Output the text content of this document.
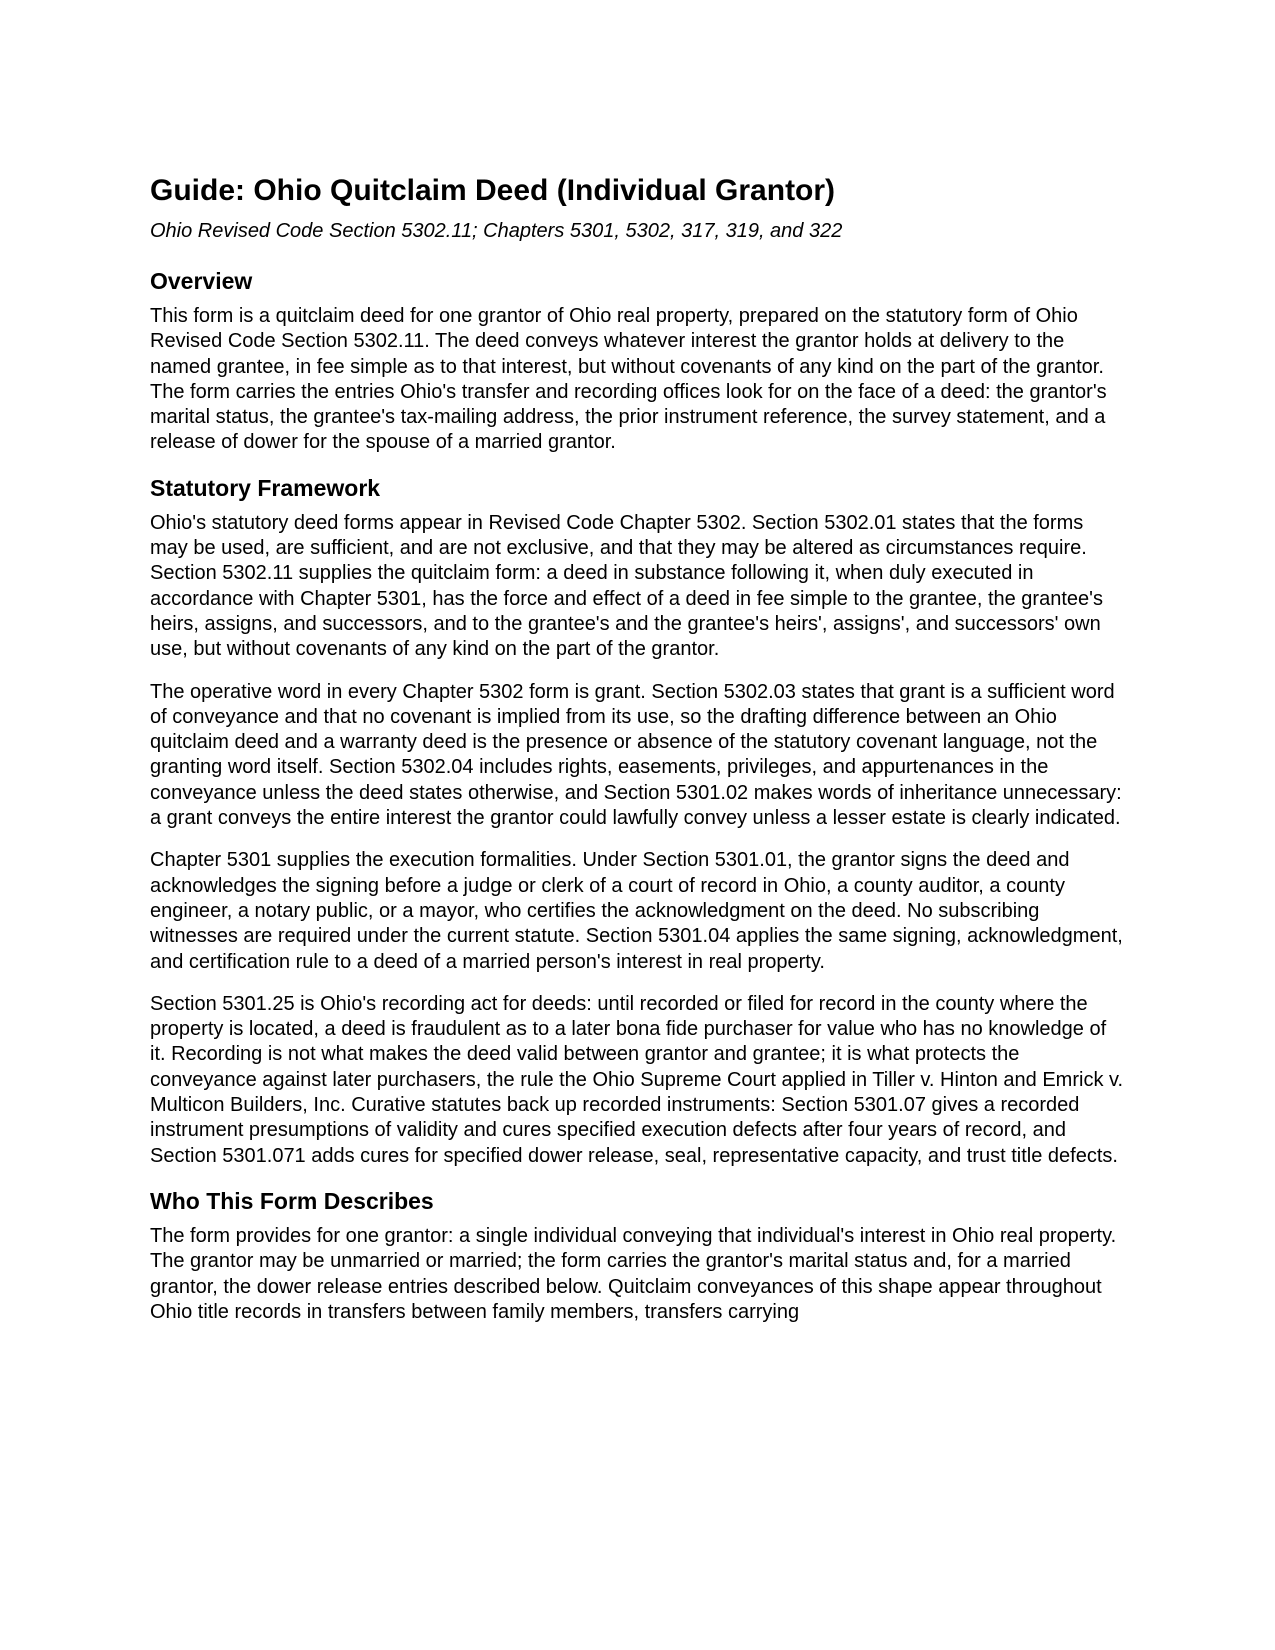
Guide: Ohio Quitclaim Deed (Individual Grantor)

Ohio Revised Code Section 5302.11; Chapters 5301, 5302, 317, 319, and 322

Overview

This form is a quitclaim deed for one grantor of Ohio real property, prepared on the statutory form of Ohio Revised Code Section 5302.11. The deed conveys whatever interest the grantor holds at delivery to the named grantee, in fee simple as to that interest, but without covenants of any kind on the part of the grantor. The form carries the entries Ohio's transfer and recording offices look for on the face of a deed: the grantor's marital status, the grantee's tax-mailing address, the prior instrument reference, the survey statement, and a release of dower for the spouse of a married grantor.

Statutory Framework

Ohio's statutory deed forms appear in Revised Code Chapter 5302. Section 5302.01 states that the forms may be used, are sufficient, and are not exclusive, and that they may be altered as circumstances require. Section 5302.11 supplies the quitclaim form: a deed in substance following it, when duly executed in accordance with Chapter 5301, has the force and effect of a deed in fee simple to the grantee, the grantee's heirs, assigns, and successors, and to the grantee's and the grantee's heirs', assigns', and successors' own use, but without covenants of any kind on the part of the grantor.

The operative word in every Chapter 5302 form is grant. Section 5302.03 states that grant is a sufficient word of conveyance and that no covenant is implied from its use, so the drafting difference between an Ohio quitclaim deed and a warranty deed is the presence or absence of the statutory covenant language, not the granting word itself. Section 5302.04 includes rights, easements, privileges, and appurtenances in the conveyance unless the deed states otherwise, and Section 5301.02 makes words of inheritance unnecessary: a grant conveys the entire interest the grantor could lawfully convey unless a lesser estate is clearly indicated.

Chapter 5301 supplies the execution formalities. Under Section 5301.01, the grantor signs the deed and acknowledges the signing before a judge or clerk of a court of record in Ohio, a county auditor, a county engineer, a notary public, or a mayor, who certifies the acknowledgment on the deed. No subscribing witnesses are required under the current statute. Section 5301.04 applies the same signing, acknowledgment, and certification rule to a deed of a married person's interest in real property.

Section 5301.25 is Ohio's recording act for deeds: until recorded or filed for record in the county where the property is located, a deed is fraudulent as to a later bona fide purchaser for value who has no knowledge of it. Recording is not what makes the deed valid between grantor and grantee; it is what protects the conveyance against later purchasers, the rule the Ohio Supreme Court applied in Tiller v. Hinton and Emrick v. Multicon Builders, Inc. Curative statutes back up recorded instruments: Section 5301.07 gives a recorded instrument presumptions of validity and cures specified execution defects after four years of record, and Section 5301.071 adds cures for specified dower release, seal, representative capacity, and trust title defects.

Who This Form Describes

The form provides for one grantor: a single individual conveying that individual's interest in Ohio real property. The grantor may be unmarried or married; the form carries the grantor's marital status and, for a married grantor, the dower release entries described below. Quitclaim conveyances of this shape appear throughout Ohio title records in transfers between family members, transfers carrying
